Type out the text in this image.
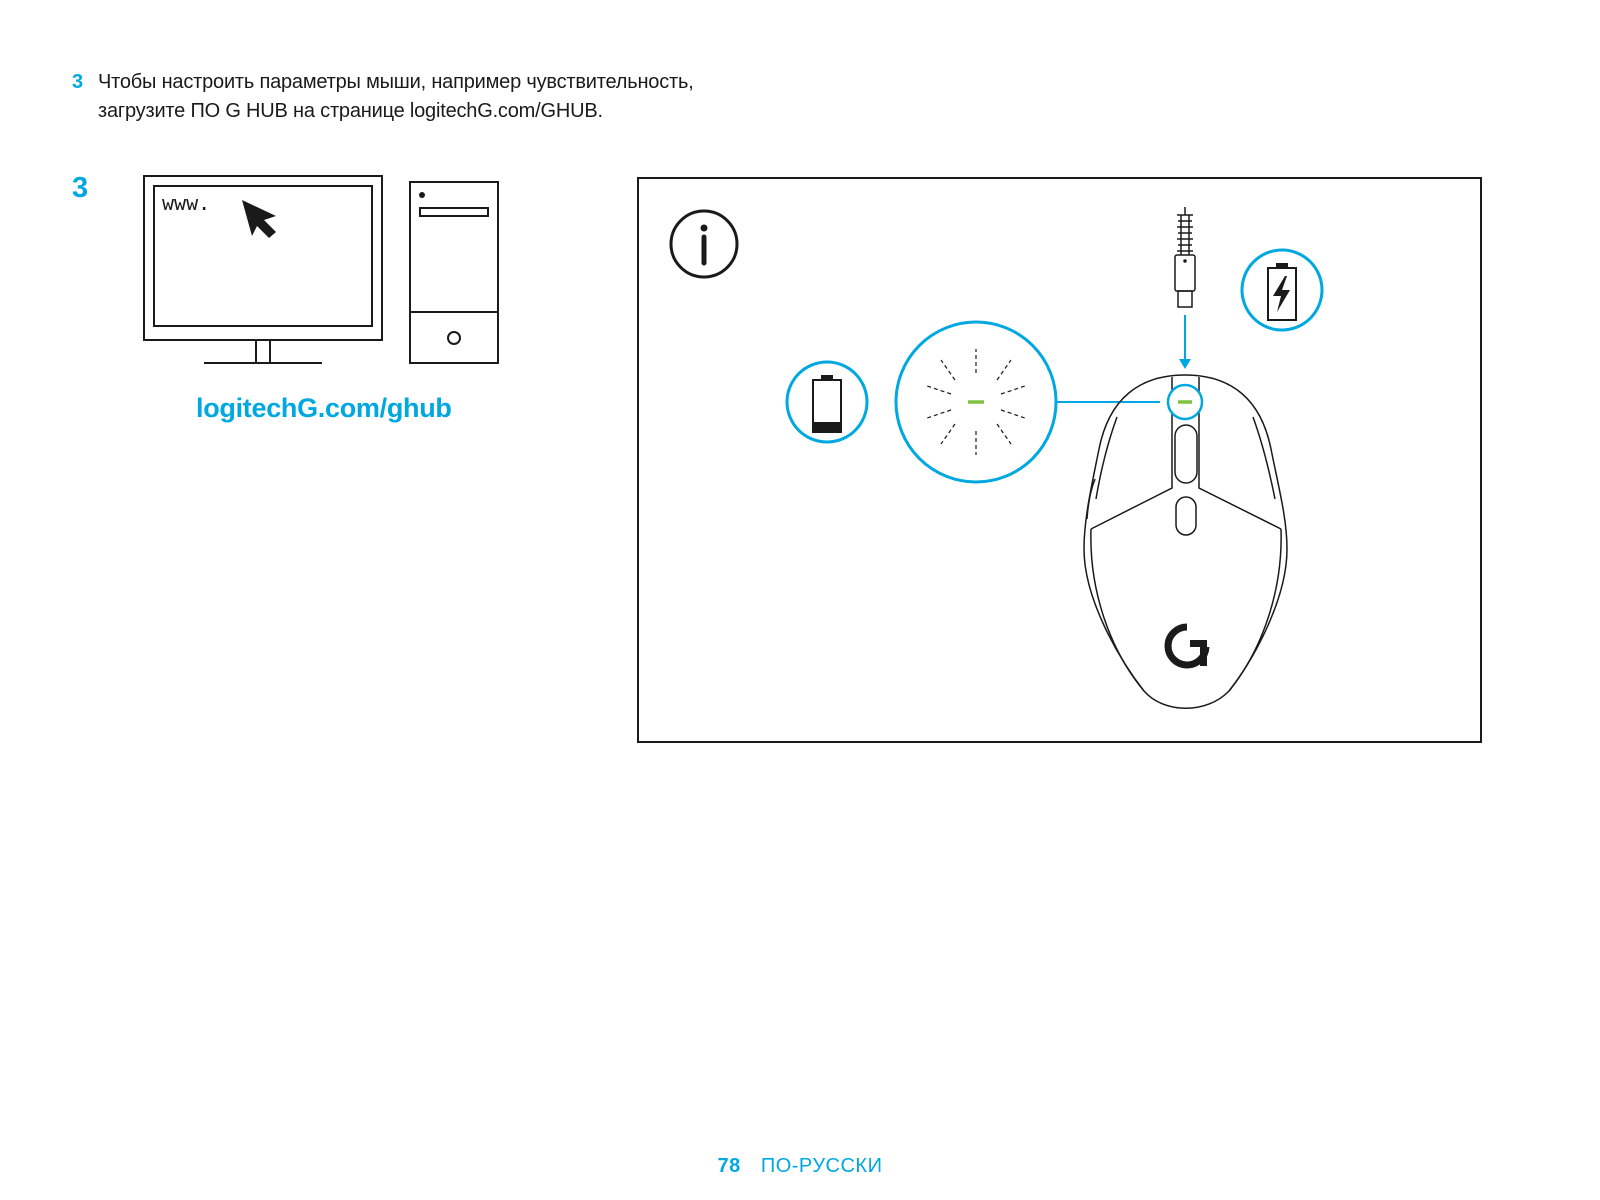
3 Чтобы настроить параметры мыши, например чувствительность,
загрузите ПО G HUB на странице logitechG.com/GHUB.
3	www.
logitechG.com/ghub
78 ПО-РУССКИ
